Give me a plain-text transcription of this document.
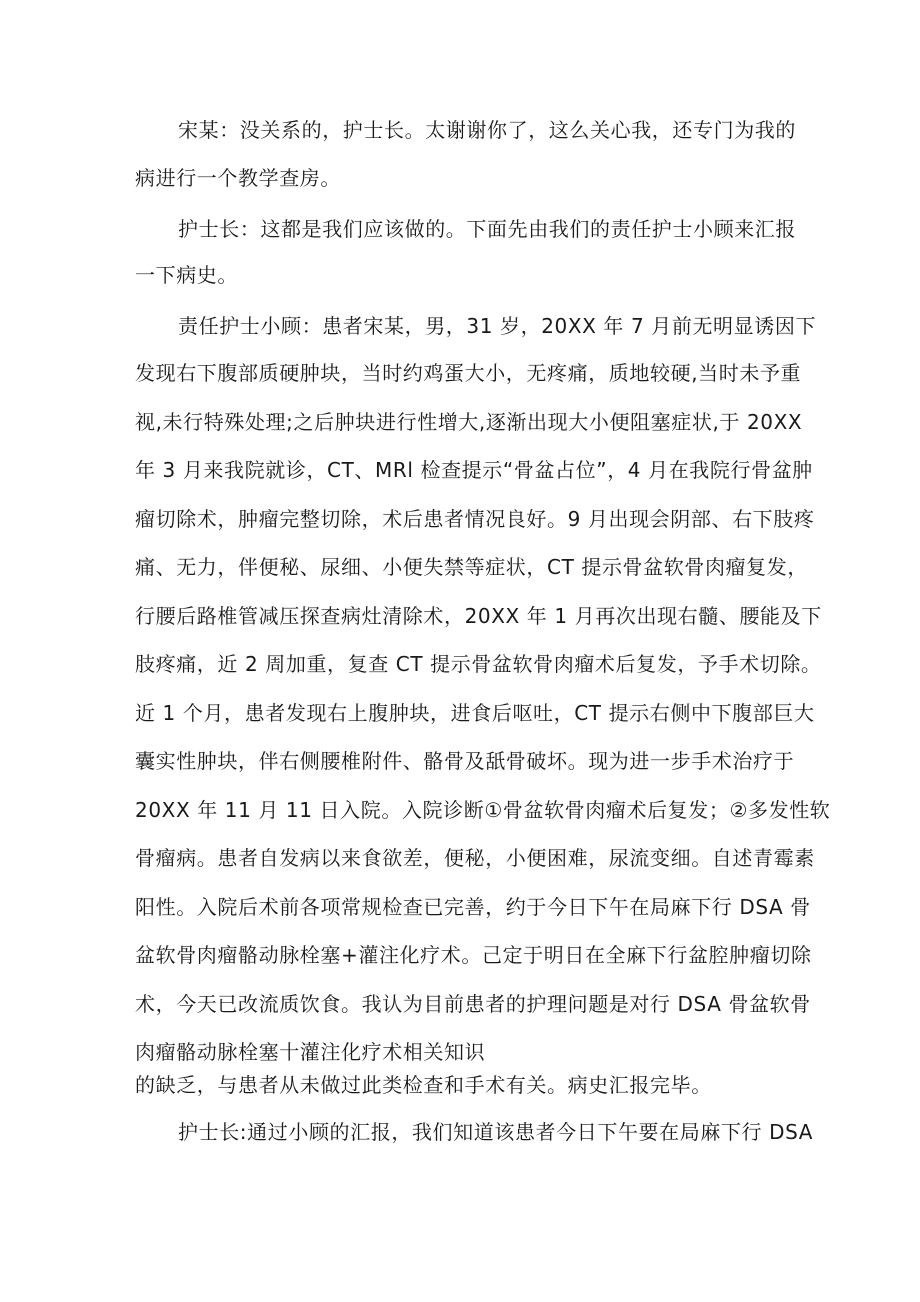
宋某：没关系的，护士长。太谢谢你了，这么关心我，还专门为我的
病进行一个教学查房。
护士长：这都是我们应该做的。下面先由我们的责任护士小顾来汇报
一下病史。
责任护士小顾：患者宋某，男，31 岁，20XX 年 7 月前无明显诱因下
发现右下腹部质硬肿块，当时约鸡蛋大小，无疼痛，质地较硬,当时未予重
视,未行特殊处理;之后肿块进行性增大,逐渐出现大小便阻塞症状,于 20XX
年 3 月来我院就诊，CT、MRl 检查提示“骨盆占位”，4 月在我院行骨盆肿
瘤切除术，肿瘤完整切除，术后患者情况良好。9 月出现会阴部、右下肢疼
痛、无力，伴便秘、尿细、小便失禁等症状，CT 提示骨盆软骨肉瘤复发，
行腰后路椎管减压探查病灶清除术，20XX 年 1 月再次出现右髓、腰能及下
肢疼痛，近 2 周加重，复查 CT 提示骨盆软骨肉瘤术后复发，予手术切除。
近 1 个月，患者发现右上腹肿块，进食后呕吐，CT 提示右侧中下腹部巨大
囊实性肿块，伴右侧腰椎附件、骼骨及舐骨破坏。现为进一步手术治疗于
20XX 年 11 月 11 日入院。入院诊断①骨盆软骨肉瘤术后复发；②多发性软
骨瘤病。患者自发病以来食欲差，便秘，小便困难，尿流变细。自述青霉素
阳性。入院后术前各项常规检查已完善，约于今日下午在局麻下行 DSA 骨
盆软骨肉瘤骼动脉栓塞+灌注化疗术。己定于明日在全麻下行盆腔肿瘤切除
术，今天已改流质饮食。我认为目前患者的护理问题是对行 DSA 骨盆软骨
肉瘤骼动脉栓塞十灌注化疗术相关知识
的缺乏，与患者从未做过此类检查和手术有关。病史汇报完毕。
护士长:通过小顾的汇报，我们知道该患者今日下午要在局麻下行 DSA
